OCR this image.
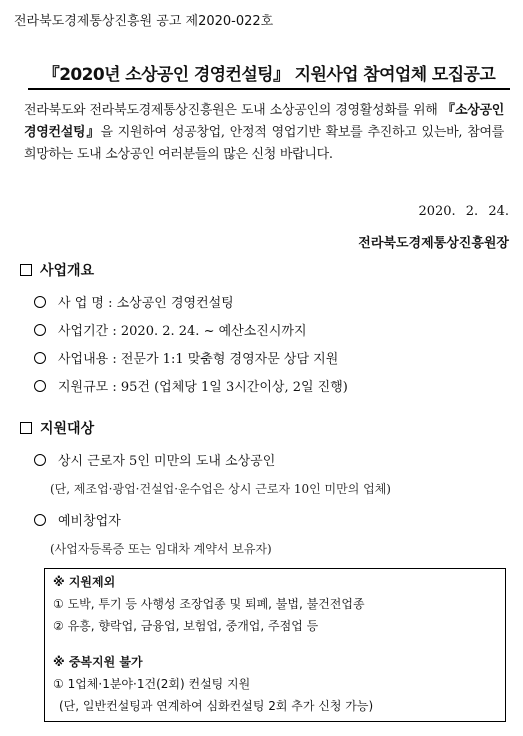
전라북도경제통상진흥원 공고 제2020-022호
『2020년 소상공인 경영컨설팅』 지원사업 참여업체 모집공고
전라북도와 전라북도경제통상진흥원은 도내 소상공인의 경영활성화를 위해 『소상공인 경영컨설팅』을 지원하여 성공창업, 안정적 영업기반 확보를 추진하고 있는바, 참여를 희망하는 도내 소상공인 여러분들의 많은 신청 바랍니다.
2020. 2. 24.
전라북도경제통상진흥원장
사업개요
사 업 명 : 소상공인 경영컨설팅
사업기간 : 2020. 2. 24. ~ 예산소진시까지
사업내용 : 전문가 1:1 맞춤형 경영자문 상담 지원
지원규모 : 95건 (업체당 1일 3시간이상, 2일 진행)
지원대상
상시 근로자 5인 미만의 도내 소상공인
(단, 제조업·광업·건설업·운수업은 상시 근로자 10인 미만의 업체)
예비창업자
(사업자등록증 또는 임대차 계약서 보유자)
※ 지원제외
① 도박, 투기 등 사행성 조장업종 및 퇴폐, 불법, 불건전업종
② 유흥, 향락업, 금융업, 보험업, 중개업, 주점업 등
※ 중복지원 불가
① 1업체·1분야·1건(2회) 컨설팅 지원
(단, 일반컨설팅과 연계하여 심화컨설팅 2회 추가 신청 가능)
